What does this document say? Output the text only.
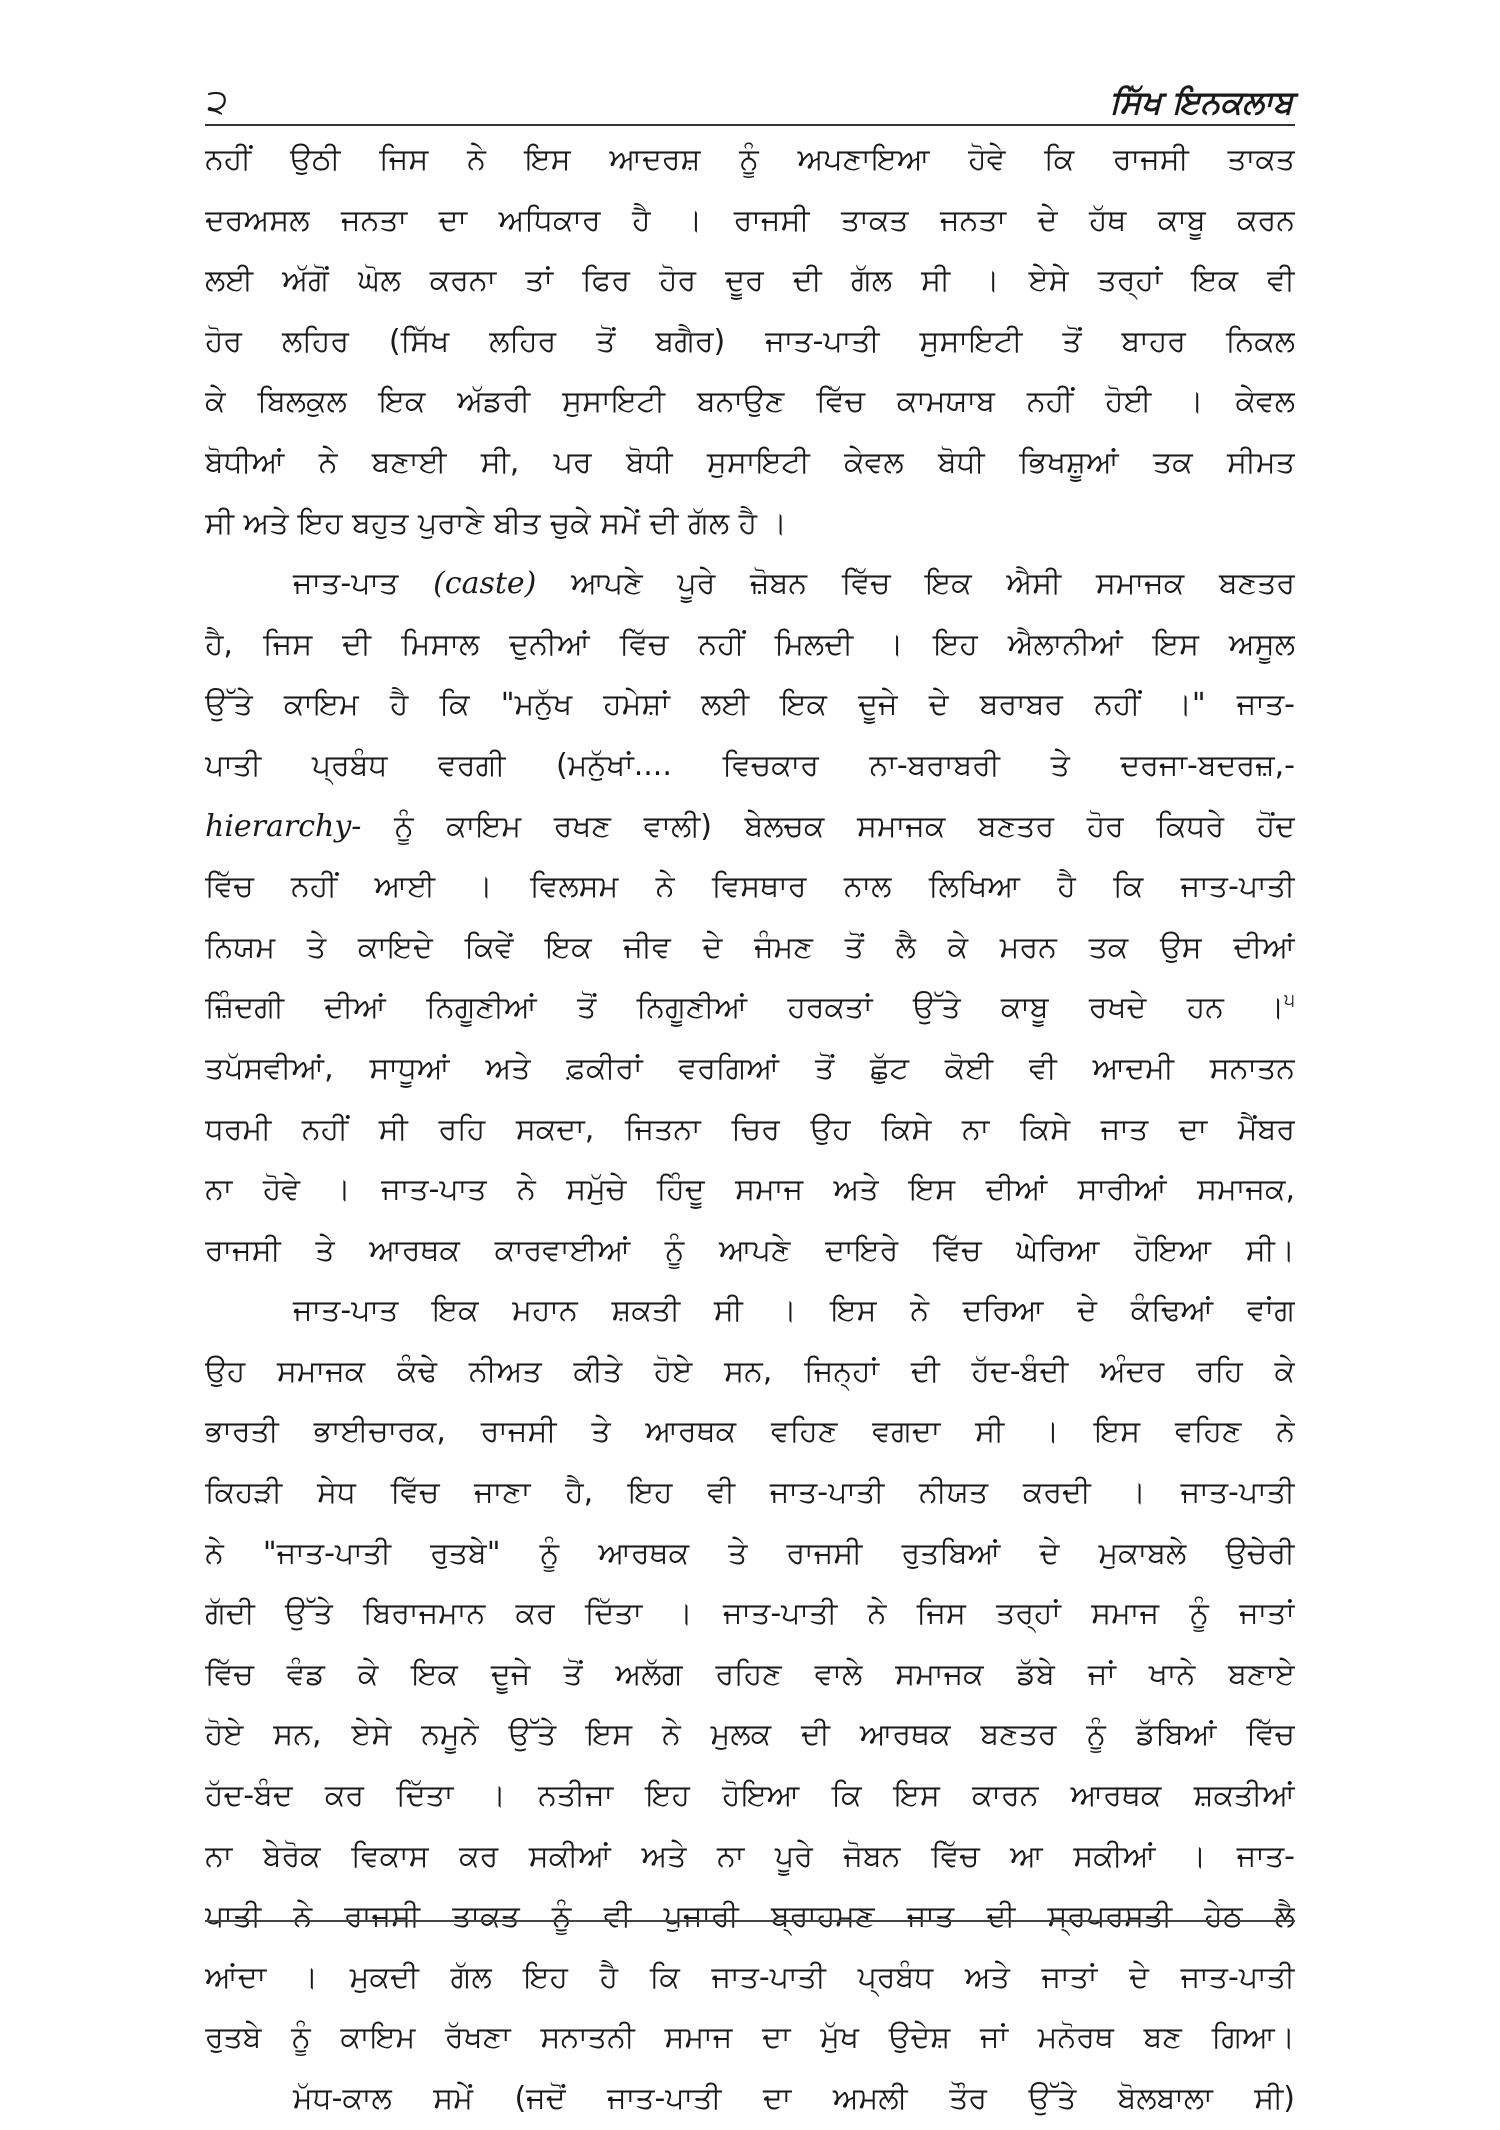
੨	ਸਿੱਖ ਇਨਕਲਾਬ
ਨਹੀਂ ਉਠੀ ਜਿਸ ਨੇ ਇਸ ਆਦਰਸ਼ ਨੂੰ ਅਪਣਾਇਆ ਹੋਵੇ ਕਿ ਰਾਜਸੀ ਤਾਕਤ
ਦਰਅਸਲ ਜਨਤਾ ਦਾ ਅਧਿਕਾਰ ਹੈ । ਰਾਜਸੀ ਤਾਕਤ ਜਨਤਾ ਦੇ ਹੱਥ ਕਾਬੂ ਕਰਨ
ਲਈ ਅੱਗੋਂ ਘੋਲ ਕਰਨਾ ਤਾਂ ਫਿਰ ਹੋਰ ਦੂਰ ਦੀ ਗੱਲ ਸੀ । ਏਸੇ ਤਰ੍ਹਾਂ ਇਕ ਵੀ
ਹੋਰ ਲਹਿਰ (ਸਿੱਖ ਲਹਿਰ ਤੋਂ ਬਗੈਰ) ਜਾਤ-ਪਾਤੀ ਸੁਸਾਇਟੀ ਤੋਂ ਬਾਹਰ ਨਿਕਲ
ਕੇ ਬਿਲਕੁਲ ਇਕ ਅੱਡਰੀ ਸੁਸਾਇਟੀ ਬਨਾਉਣ ਵਿੱਚ ਕਾਮਯਾਬ ਨਹੀਂ ਹੋਈ । ਕੇਵਲ
ਬੋਧੀਆਂ ਨੇ ਬਣਾਈ ਸੀ, ਪਰ ਬੋਧੀ ਸੁਸਾਇਟੀ ਕੇਵਲ ਬੋਧੀ ਭਿਖਸ਼ੂਆਂ ਤਕ ਸੀਮਤ
ਸੀ ਅਤੇ ਇਹ ਬਹੁਤ ਪੁਰਾਣੇ ਬੀਤ ਚੁਕੇ ਸਮੇਂ ਦੀ ਗੱਲ ਹੈ ।
ਜਾਤ-ਪਾਤ (caste) ਆਪਣੇ ਪੂਰੇ ਜ਼ੋਬਨ ਵਿੱਚ ਇਕ ਐਸੀ ਸਮਾਜਕ ਬਣਤਰ
ਹੈ, ਜਿਸ ਦੀ ਮਿਸਾਲ ਦੁਨੀਆਂ ਵਿੱਚ ਨਹੀਂ ਮਿਲਦੀ । ਇਹ ਐਲਾਨੀਆਂ ਇਸ ਅਸੂਲ
ਉੱਤੇ ਕਾਇਮ ਹੈ ਕਿ "ਮਨੁੱਖ ਹਮੇਸ਼ਾਂ ਲਈ ਇਕ ਦੂਜੇ ਦੇ ਬਰਾਬਰ ਨਹੀਂ ।" ਜਾਤ-
ਪਾਤੀ ਪ੍ਰਬੰਧ ਵਰਗੀ (ਮਨੁੱਖਾਂ.... ਵਿਚਕਾਰ ਨਾ-ਬਰਾਬਰੀ ਤੇ ਦਰਜਾ-ਬਦਰਜ਼,-
hierarchy- ਨੂੰ ਕਾਇਮ ਰਖਣ ਵਾਲੀ) ਬੇਲਚਕ ਸਮਾਜਕ ਬਣਤਰ ਹੋਰ ਕਿਧਰੇ ਹੋਂਦ
ਵਿੱਚ ਨਹੀਂ ਆਈ । ਵਿਲਸਮ ਨੇ ਵਿਸਥਾਰ ਨਾਲ ਲਿਖਿਆ ਹੈ ਕਿ ਜਾਤ-ਪਾਤੀ
ਨਿਯਮ ਤੇ ਕਾਇਦੇ ਕਿਵੇਂ ਇਕ ਜੀਵ ਦੇ ਜੰਮਣ ਤੋਂ ਲੈ ਕੇ ਮਰਨ ਤਕ ਉਸ ਦੀਆਂ
ਜ਼ਿੰਦਗੀ ਦੀਆਂ ਨਿਗੂਣੀਆਂ ਤੋਂ ਨਿਗੂਣੀਆਂ ਹਰਕਤਾਂ ਉੱਤੇ ਕਾਬੂ ਰਖਦੇ ਹਨ ।$^੫$
ਤਪੱਸਵੀਆਂ, ਸਾਧੂਆਂ ਅਤੇ ਫ਼ਕੀਰਾਂ ਵਰਗਿਆਂ ਤੋਂ ਛੁੱਟ ਕੋਈ ਵੀ ਆਦਮੀ ਸਨਾਤਨ
ਧਰਮੀ ਨਹੀਂ ਸੀ ਰਹਿ ਸਕਦਾ, ਜਿਤਨਾ ਚਿਰ ਉਹ ਕਿਸੇ ਨਾ ਕਿਸੇ ਜਾਤ ਦਾ ਮੈਂਬਰ
ਨਾ ਹੋਵੇ । ਜਾਤ-ਪਾਤ ਨੇ ਸਮੁੱਚੇ ਹਿੰਦੂ ਸਮਾਜ ਅਤੇ ਇਸ ਦੀਆਂ ਸਾਰੀਆਂ ਸਮਾਜਕ,
ਰਾਜਸੀ ਤੇ ਆਰਥਕ ਕਾਰਵਾਈਆਂ ਨੂੰ ਆਪਣੇ ਦਾਇਰੇ ਵਿੱਚ ਘੇਰਿਆ ਹੋਇਆ ਸੀ।
ਜਾਤ-ਪਾਤ ਇਕ ਮਹਾਨ ਸ਼ਕਤੀ ਸੀ । ਇਸ ਨੇ ਦਰਿਆ ਦੇ ਕੰਢਿਆਂ ਵਾਂਗ
ਉਹ ਸਮਾਜਕ ਕੰਢੇ ਨੀਅਤ ਕੀਤੇ ਹੋਏ ਸਨ, ਜਿਨ੍ਹਾਂ ਦੀ ਹੱਦ-ਬੰਦੀ ਅੰਦਰ ਰਹਿ ਕੇ
ਭਾਰਤੀ ਭਾਈਚਾਰਕ, ਰਾਜਸੀ ਤੇ ਆਰਥਕ ਵਹਿਣ ਵਗਦਾ ਸੀ । ਇਸ ਵਹਿਣ ਨੇ
ਕਿਹੜੀ ਸੇਧ ਵਿੱਚ ਜਾਣਾ ਹੈ, ਇਹ ਵੀ ਜਾਤ-ਪਾਤੀ ਨੀਯਤ ਕਰਦੀ । ਜਾਤ-ਪਾਤੀ
ਨੇ "ਜਾਤ-ਪਾਤੀ ਰੁਤਬੇ" ਨੂੰ ਆਰਥਕ ਤੇ ਰਾਜਸੀ ਰੁਤਬਿਆਂ ਦੇ ਮੁਕਾਬਲੇ ਉਚੇਰੀ
ਗੱਦੀ ਉੱਤੇ ਬਿਰਾਜਮਾਨ ਕਰ ਦਿੱਤਾ । ਜਾਤ-ਪਾਤੀ ਨੇ ਜਿਸ ਤਰ੍ਹਾਂ ਸਮਾਜ ਨੂੰ ਜਾਤਾਂ
ਵਿੱਚ ਵੰਡ ਕੇ ਇਕ ਦੂਜੇ ਤੋਂ ਅਲੱਗ ਰਹਿਣ ਵਾਲੇ ਸਮਾਜਕ ਡੱਬੇ ਜਾਂ ਖਾਨੇ ਬਣਾਏ
ਹੋਏ ਸਨ, ਏਸੇ ਨਮੂਨੇ ਉੱਤੇ ਇਸ ਨੇ ਮੁਲਕ ਦੀ ਆਰਥਕ ਬਣਤਰ ਨੂੰ ਡੱਬਿਆਂ ਵਿੱਚ
ਹੱਦ-ਬੰਦ ਕਰ ਦਿੱਤਾ । ਨਤੀਜਾ ਇਹ ਹੋਇਆ ਕਿ ਇਸ ਕਾਰਨ ਆਰਥਕ ਸ਼ਕਤੀਆਂ
ਨਾ ਬੇਰੋਕ ਵਿਕਾਸ ਕਰ ਸਕੀਆਂ ਅਤੇ ਨਾ ਪੂਰੇ ਜੋਬਨ ਵਿੱਚ ਆ ਸਕੀਆਂ । ਜਾਤ-
ਪਾਤੀ ਨੇ ਰਾਜਸੀ ਤਾਕਤ ਨੂੰ ਵੀ ਪੁਜਾਰੀ ਬ੍ਰਾਹਮਣ ਜਾਤ ਦੀ ਸ੍ਰਪਰਸਤੀ ਹੇਠ ਲੈ
ਆਂਦਾ । ਮੁਕਦੀ ਗੱਲ ਇਹ ਹੈ ਕਿ ਜਾਤ-ਪਾਤੀ ਪ੍ਰਬੰਧ ਅਤੇ ਜਾਤਾਂ ਦੇ ਜਾਤ-ਪਾਤੀ
ਰੁਤਬੇ ਨੂੰ ਕਾਇਮ ਰੱਖਣਾ ਸਨਾਤਨੀ ਸਮਾਜ ਦਾ ਮੁੱਖ ਉਦੇਸ਼ ਜਾਂ ਮਨੋਰਥ ਬਣ ਗਿਆ।
ਮੱਧ-ਕਾਲ ਸਮੇਂ (ਜਦੋਂ ਜਾਤ-ਪਾਤੀ ਦਾ ਅਮਲੀ ਤੌਰ ਉੱਤੇ ਬੋਲਬਾਲਾ ਸੀ)
